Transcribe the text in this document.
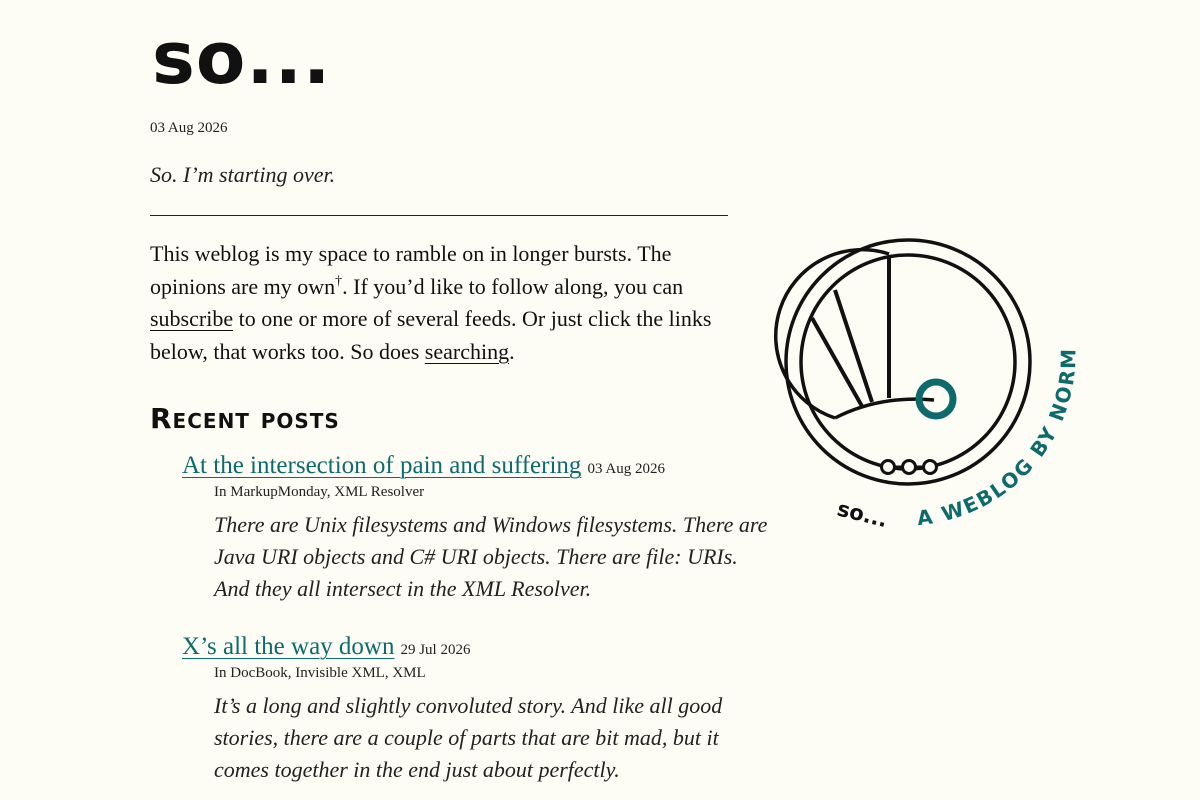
so...
03 Aug 2026
So. I’m starting over.

This weblog is my space to ramble on in longer bursts. The opinions are my own†. If you’d like to follow along, you can subscribe to one or more of several feeds. Or just click the links below, that works too. So does searching.

Recent posts
At the intersection of pain and suffering 03 Aug 2026
In MarkupMonday, XML Resolver
There are Unix filesystems and Windows filesystems. There are Java URI objects and C# URI objects. There are file: URIs. And they all intersect in the XML Resolver.
X’s all the way down 29 Jul 2026
In DocBook, Invisible XML, XML
It’s a long and slightly convoluted story. And like all good stories, there are a couple of parts that are bit mad, but it comes together in the end just about perfectly.
so... A WEBLOG BY NORM
